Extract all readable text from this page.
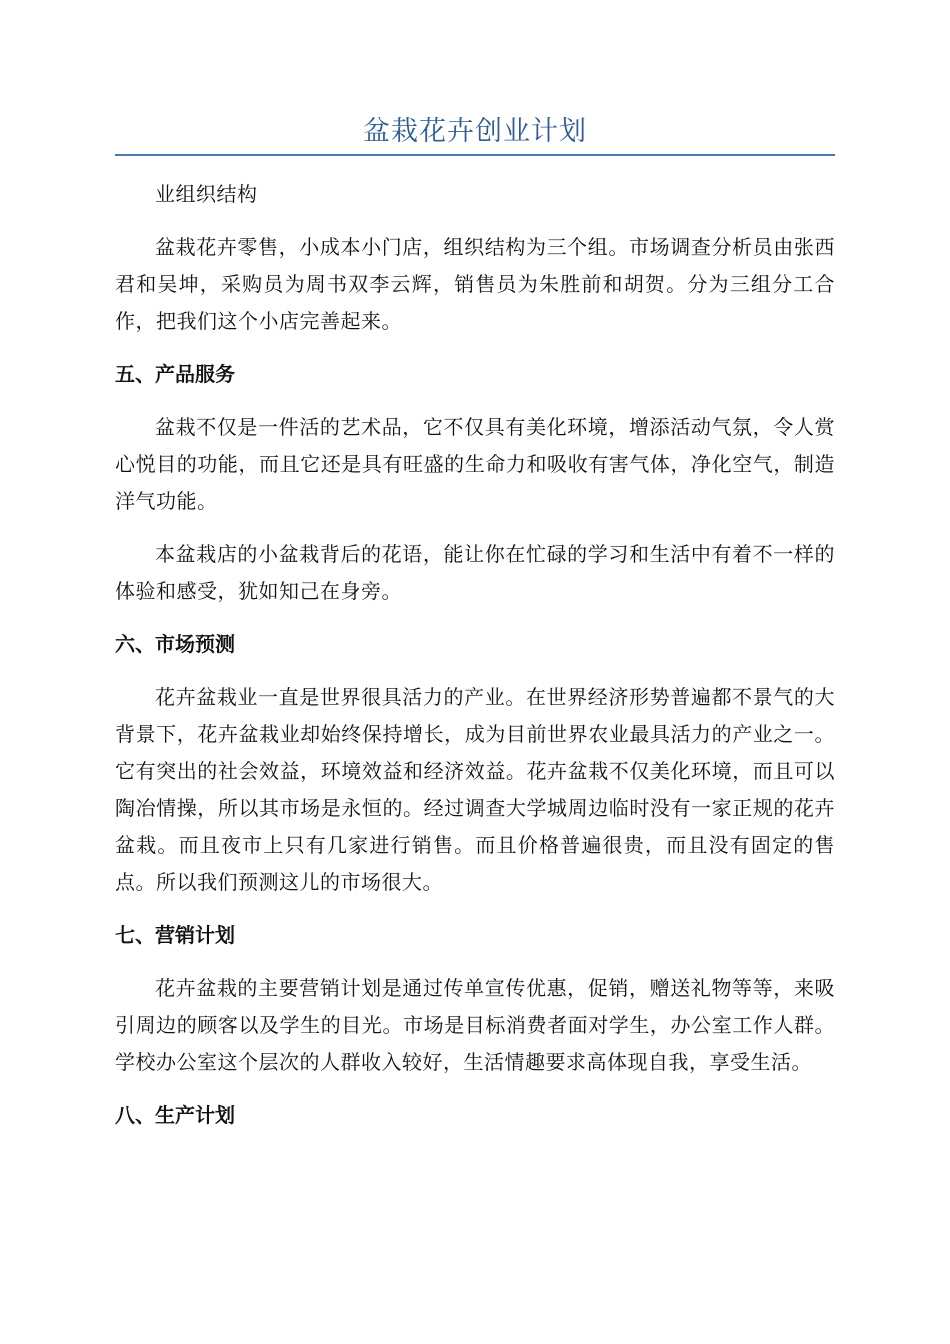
盆栽花卉创业计划

业组织结构

盆栽花卉零售，小成本小门店，组织结构为三个组。市场调查分析员由张西君和吴坤，采购员为周书双李云辉，销售员为朱胜前和胡贺。分为三组分工合作，把我们这个小店完善起来。

五、产品服务

盆栽不仅是一件活的艺术品，它不仅具有美化环境，增添活动气氛，令人赏心悦目的功能，而且它还是具有旺盛的生命力和吸收有害气体，净化空气，制造洋气功能。

本盆栽店的小盆栽背后的花语，能让你在忙碌的学习和生活中有着不一样的体验和感受，犹如知己在身旁。

六、市场预测

花卉盆栽业一直是世界很具活力的产业。在世界经济形势普遍都不景气的大背景下，花卉盆栽业却始终保持增长，成为目前世界农业最具活力的产业之一。它有突出的社会效益，环境效益和经济效益。花卉盆栽不仅美化环境，而且可以陶冶情操，所以其市场是永恒的。经过调查大学城周边临时没有一家正规的花卉盆栽。而且夜市上只有几家进行销售。而且价格普遍很贵，而且没有固定的售点。所以我们预测这儿的市场很大。

七、营销计划

花卉盆栽的主要营销计划是通过传单宣传优惠，促销，赠送礼物等等，来吸引周边的顾客以及学生的目光。市场是目标消费者面对学生，办公室工作人群。学校办公室这个层次的人群收入较好，生活情趣要求高体现自我，享受生活。

八、生产计划
